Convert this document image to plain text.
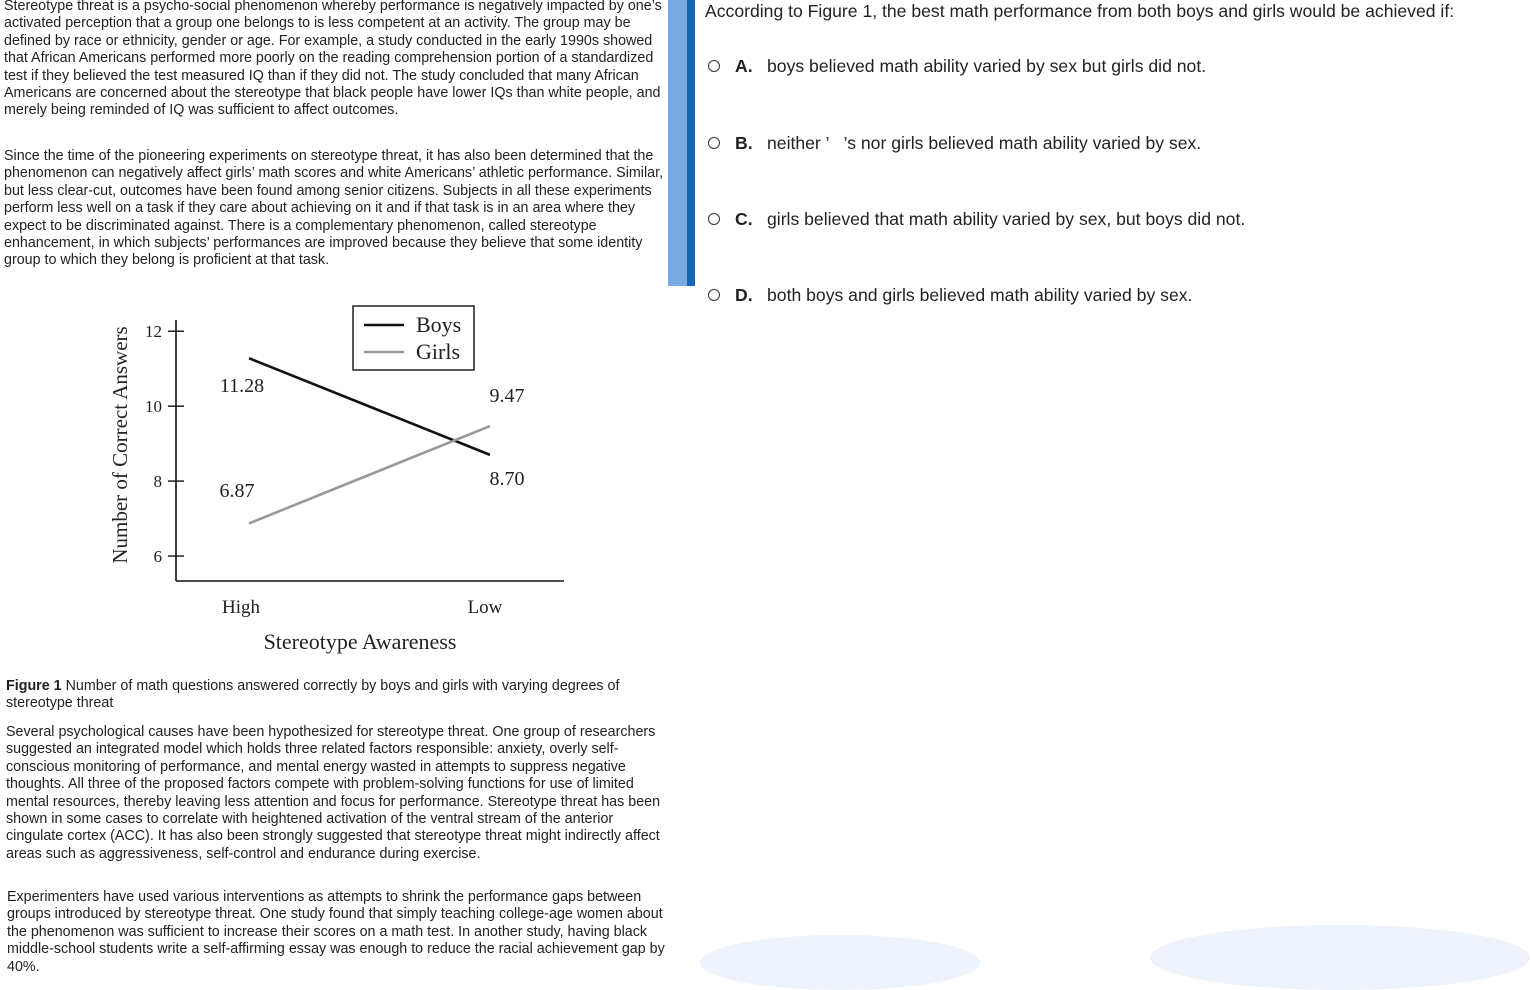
Stereotype threat is a psycho-social phenomenon whereby performance is negatively impacted by one’s activated perception that a group one belongs to is less competent at an activity. The group may be defined by race or ethnicity, gender or age. For example, a study conducted in the early 1990s showed that African Americans performed more poorly on the reading comprehension portion of a standardized test if they believed the test measured IQ than if they did not. The study concluded that many African Americans are concerned about the stereotype that black people have lower IQs than white people, and merely being reminded of IQ was sufficient to affect outcomes.

Since the time of the pioneering experiments on stereotype threat, it has also been determined that the phenomenon can negatively affect girls’ math scores and white Americans’ athletic performance. Similar, but less clear-cut, outcomes have been found among senior citizens. Subjects in all these experiments perform less well on a task if they care about achieving on it and if that task is in an area where they expect to be discriminated against. There is a complementary phenomenon, called stereotype enhancement, in which subjects’ performances are improved because they believe that some identity group to which they belong is proficient at that task.

6
8
10
12
High	Low
11.28
8.70
6.87
9.47
Boys
Girls
Stereotype Awareness
Number of Correct Answers

Figure 1 Number of math questions answered correctly by boys and girls with varying degrees of stereotype threat

Several psychological causes have been hypothesized for stereotype threat. One group of researchers suggested an integrated model which holds three related factors responsible: anxiety, overly self-conscious monitoring of performance, and mental energy wasted in attempts to suppress negative thoughts. All three of the proposed factors compete with problem-solving functions for use of limited mental resources, thereby leaving less attention and focus for performance. Stereotype threat has been shown in some cases to correlate with heightened activation of the ventral stream of the anterior cingulate cortex (ACC). It has also been strongly suggested that stereotype threat might indirectly affect areas such as aggressiveness, self-control and endurance during exercise.

Experimenters have used various interventions as attempts to shrink the performance gaps between groups introduced by stereotype threat. One study found that simply teaching college-age women about the phenomenon was sufficient to increase their scores on a math test. In another study, having black middle-school students write a self-affirming essay was enough to reduce the racial achievement gap by 40%.

According to Figure 1, the best math performance from both boys and girls would be achieved if:

A. boys believed math ability varied by sex but girls did not.
B. neither ’   ’s nor girls believed math ability varied by sex.
C. girls believed that math ability varied by sex, but boys did not.
D. both boys and girls believed math ability varied by sex.
